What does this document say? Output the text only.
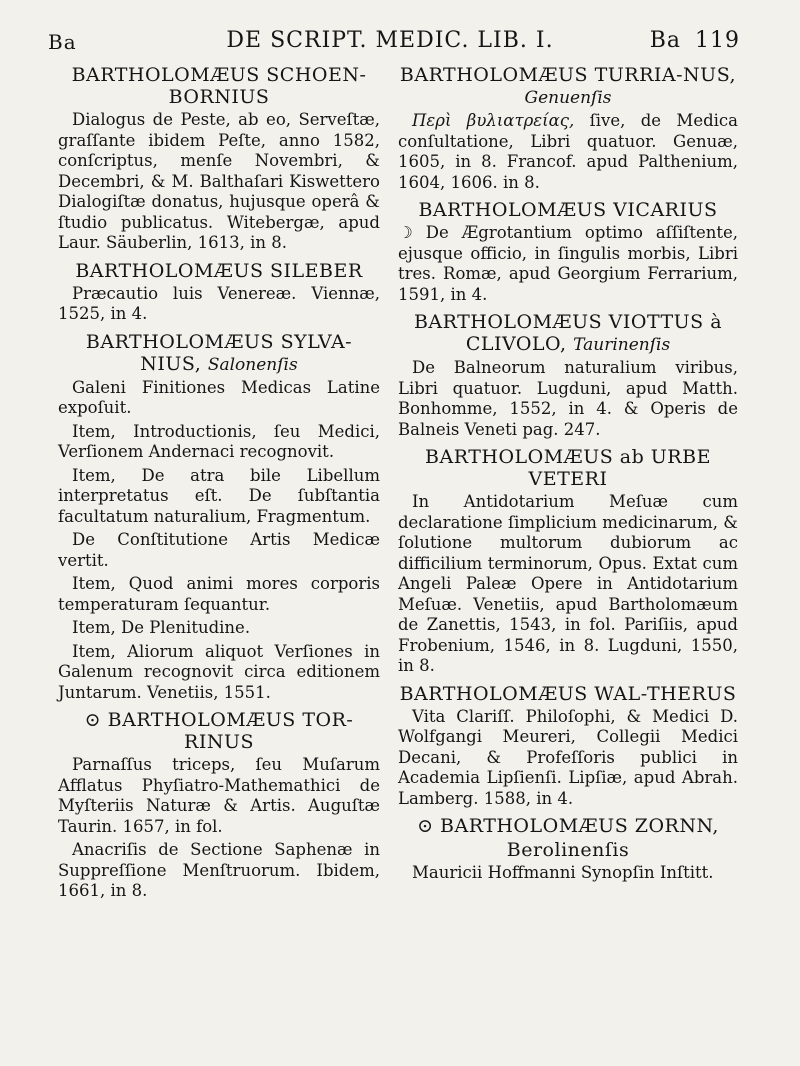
Ba	DE SCRIPT. MEDIC. LIB. I.	Ba 119
BARTHOLOMÆUS SCHOEN-BORNIUS

Dialogus de Peste, ab eo, Serveſtæ, graſſante ibidem Peſte, anno 1582, conſcriptus, menſe Novembri, & Decembri, & M. Balthaſari Kiswettero Dialogiſtæ donatus, hujusque operâ & ſtudio publicatus. Witebergæ, apud Laur. Säuberlin, 1613, in 8.

BARTHOLOMÆUS SILEBER

Præcautio luis Venereæ. Viennæ, 1525, in 4.

BARTHOLOMÆUS SYLVA-NIUS, Salonenſis

Galeni Finitiones Medicas Latine expoſuit.

Item, Introductionis, ſeu Medici, Verſionem Andernaci recognovit.

Item, De atra bile Libellum interpretatus eſt. De ſubſtantia facultatum naturalium, Fragmentum.

De Conſtitutione Artis Medicæ vertit.

Item, Quod animi mores corporis temperaturam ſequantur.

Item, De Plenitudine.

Item, Aliorum aliquot Verſiones in Galenum recognovit circa editionem Juntarum. Venetiis, 1551.

⊙ BARTHOLOMÆUS TOR-RINUS

Parnaſſus triceps, ſeu Muſarum Afflatus Phyſiatro-Mathemathici de Myſteriis Naturæ & Artis. Auguſtæ Taurin. 1657, in fol.

Anacriſis de Sectione Saphenæ in Suppreſſione Menſtruorum. Ibidem, 1661, in 8.

BARTHOLOMÆUS TURRIA-NUS, Genuenſis

Περὶ βυλιατρείας, ſive, de Medica conſultatione, Libri quatuor. Genuæ, 1605, in 8. Francof. apud Palthenium, 1604, 1606. in 8.

BARTHOLOMÆUS VICARIUS

☽ De Ægrotantium optimo aſſiſtente, ejusque officio, in ſingulis morbis, Libri tres. Romæ, apud Georgium Ferrarium, 1591, in 4.

BARTHOLOMÆUS VIOTTUS à CLIVOLO, Taurinenſis

De Balneorum naturalium viribus, Libri quatuor. Lugduni, apud Matth. Bonhomme, 1552, in 4. & Operis de Balneis Veneti pag. 247.

BARTHOLOMÆUS ab URBE VETERI

In Antidotarium Meſuæ cum declaratione ſimplicium medicinarum, & ſolutione multorum dubiorum ac difficilium terminorum, Opus. Extat cum Angeli Paleæ Opere in Antidotarium Meſuæ. Venetiis, apud Bartholomæum de Zanettis, 1543, in fol. Pariſiis, apud Frobenium, 1546, in 8. Lugduni, 1550, in 8.

BARTHOLOMÆUS WAL-THERUS

Vita Clariſſ. Philoſophi, & Medici D. Wolfgangi Meureri, Collegii Medici Decani, & Profeſſoris publici in Academia Lipſienſi. Lipſiæ, apud Abrah. Lamberg. 1588, in 4.

⊙ BARTHOLOMÆUS ZORNN,
Berolinenſis

Mauricii Hoffmanni Synopſin Inſtitt.
